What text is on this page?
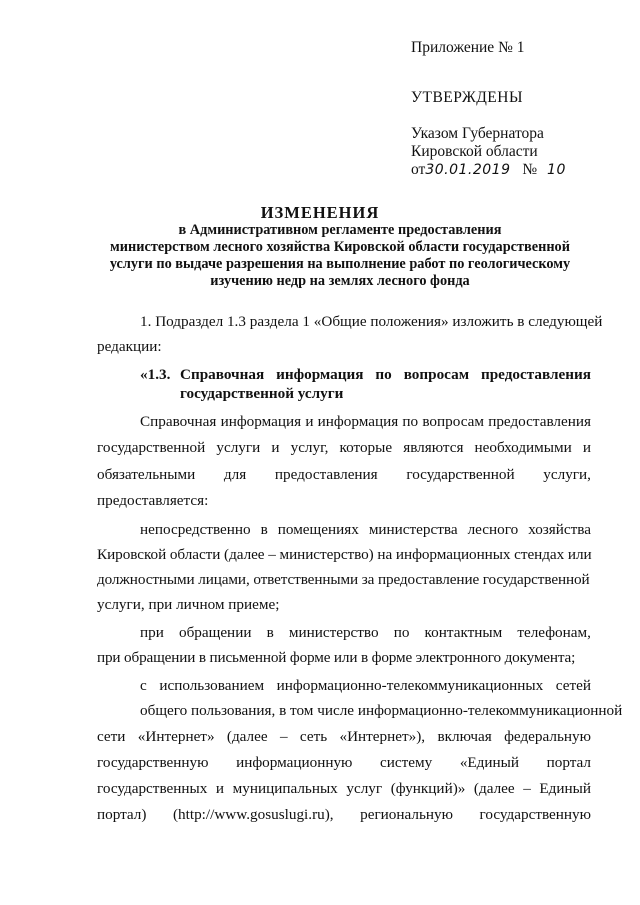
Приложение № 1
УТВЕРЖДЕНЫ
Указом Губернатора
Кировской области
от30.01.2019 № 10
ИЗМЕНЕНИЯ
в Административном регламенте предоставления
министерством лесного хозяйства Кировской области государственной
услуги по выдаче разрешения на выполнение работ по геологическому
изучению недр на землях лесного фонда
1. Подраздел 1.3 раздела 1 «Общие положения» изложить в следующей
редакции:
«1.3. Справочная информация по вопросам предоставления
государственной услуги
Справочная информация и информация по вопросам предоставления
государственной услуги и услуг, которые являются необходимыми и
обязательными для предоставления государственной услуги,
предоставляется:
непосредственно в помещениях министерства лесного хозяйства
Кировской области (далее – министерство) на информационных стендах или
должностными лицами, ответственными за предоставление государственной
услуги, при личном приеме;
при обращении в министерство по контактным телефонам,
при обращении в письменной форме или в форме электронного документа;
с использованием информационно-телекоммуникационных сетей
общего пользования, в том числе информационно-телекоммуникационной
сети «Интернет» (далее – сеть «Интернет»), включая федеральную
государственную информационную систему «Единый портал
государственных и муниципальных услуг (функций)» (далее – Единый
портал) (http://www.gosuslugi.ru), региональную государственную
